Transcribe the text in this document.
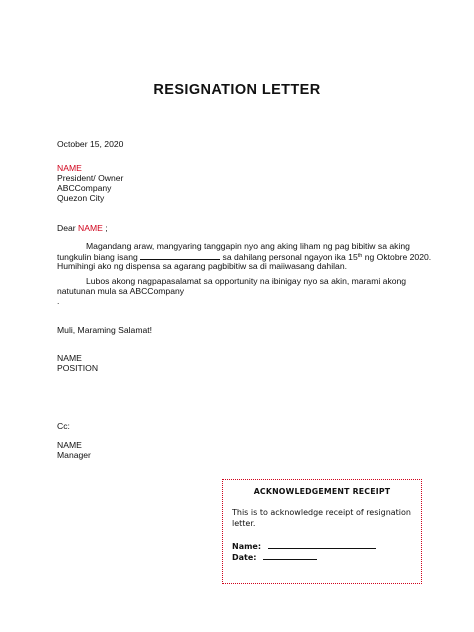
RESIGNATION LETTER
October 15, 2020
NAME
President/ Owner
ABCCompany
Quezon City
Dear NAME ;
Magandang araw, mangyaring tanggapin nyo ang aking liham ng pag bibitiw sa aking
tungkulin biang isang	sa dahilang personal ngayon ika 15th ng Oktobre 2020.
Humihingi ako ng dispensa sa agarang pagbibitiw sa di maiiwasang dahilan.
Lubos akong nagpapasalamat sa opportunity na ibinigay nyo sa akin, marami akong
natutunan mula sa ABCCompany
.
Muli, Maraming Salamat!
NAME
POSITION
Cc:
NAME
Manager
ACKNOWLEDGEMENT RECEIPT
This is to acknowledge receipt of resignation letter.
Name:
Date:
